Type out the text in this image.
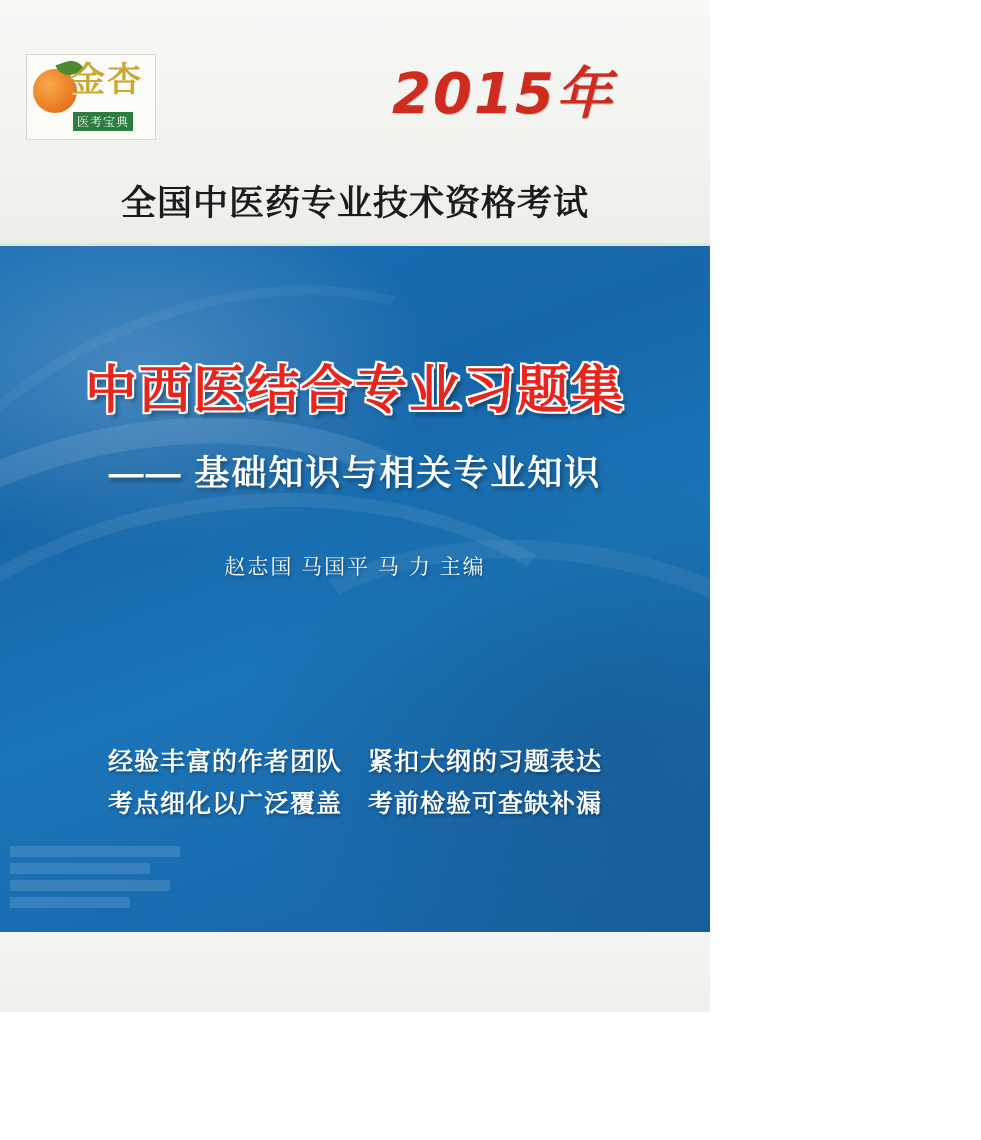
金杏
医考宝典	2015年
全国中医药专业技术资格考试
中西医结合专业习题集
—— 基础知识与相关专业知识
赵志国 马国平 马 力 主编
经验丰富的作者团队　紧扣大纲的习题表达
考点细化以广泛覆盖　考前检验可查缺补漏
